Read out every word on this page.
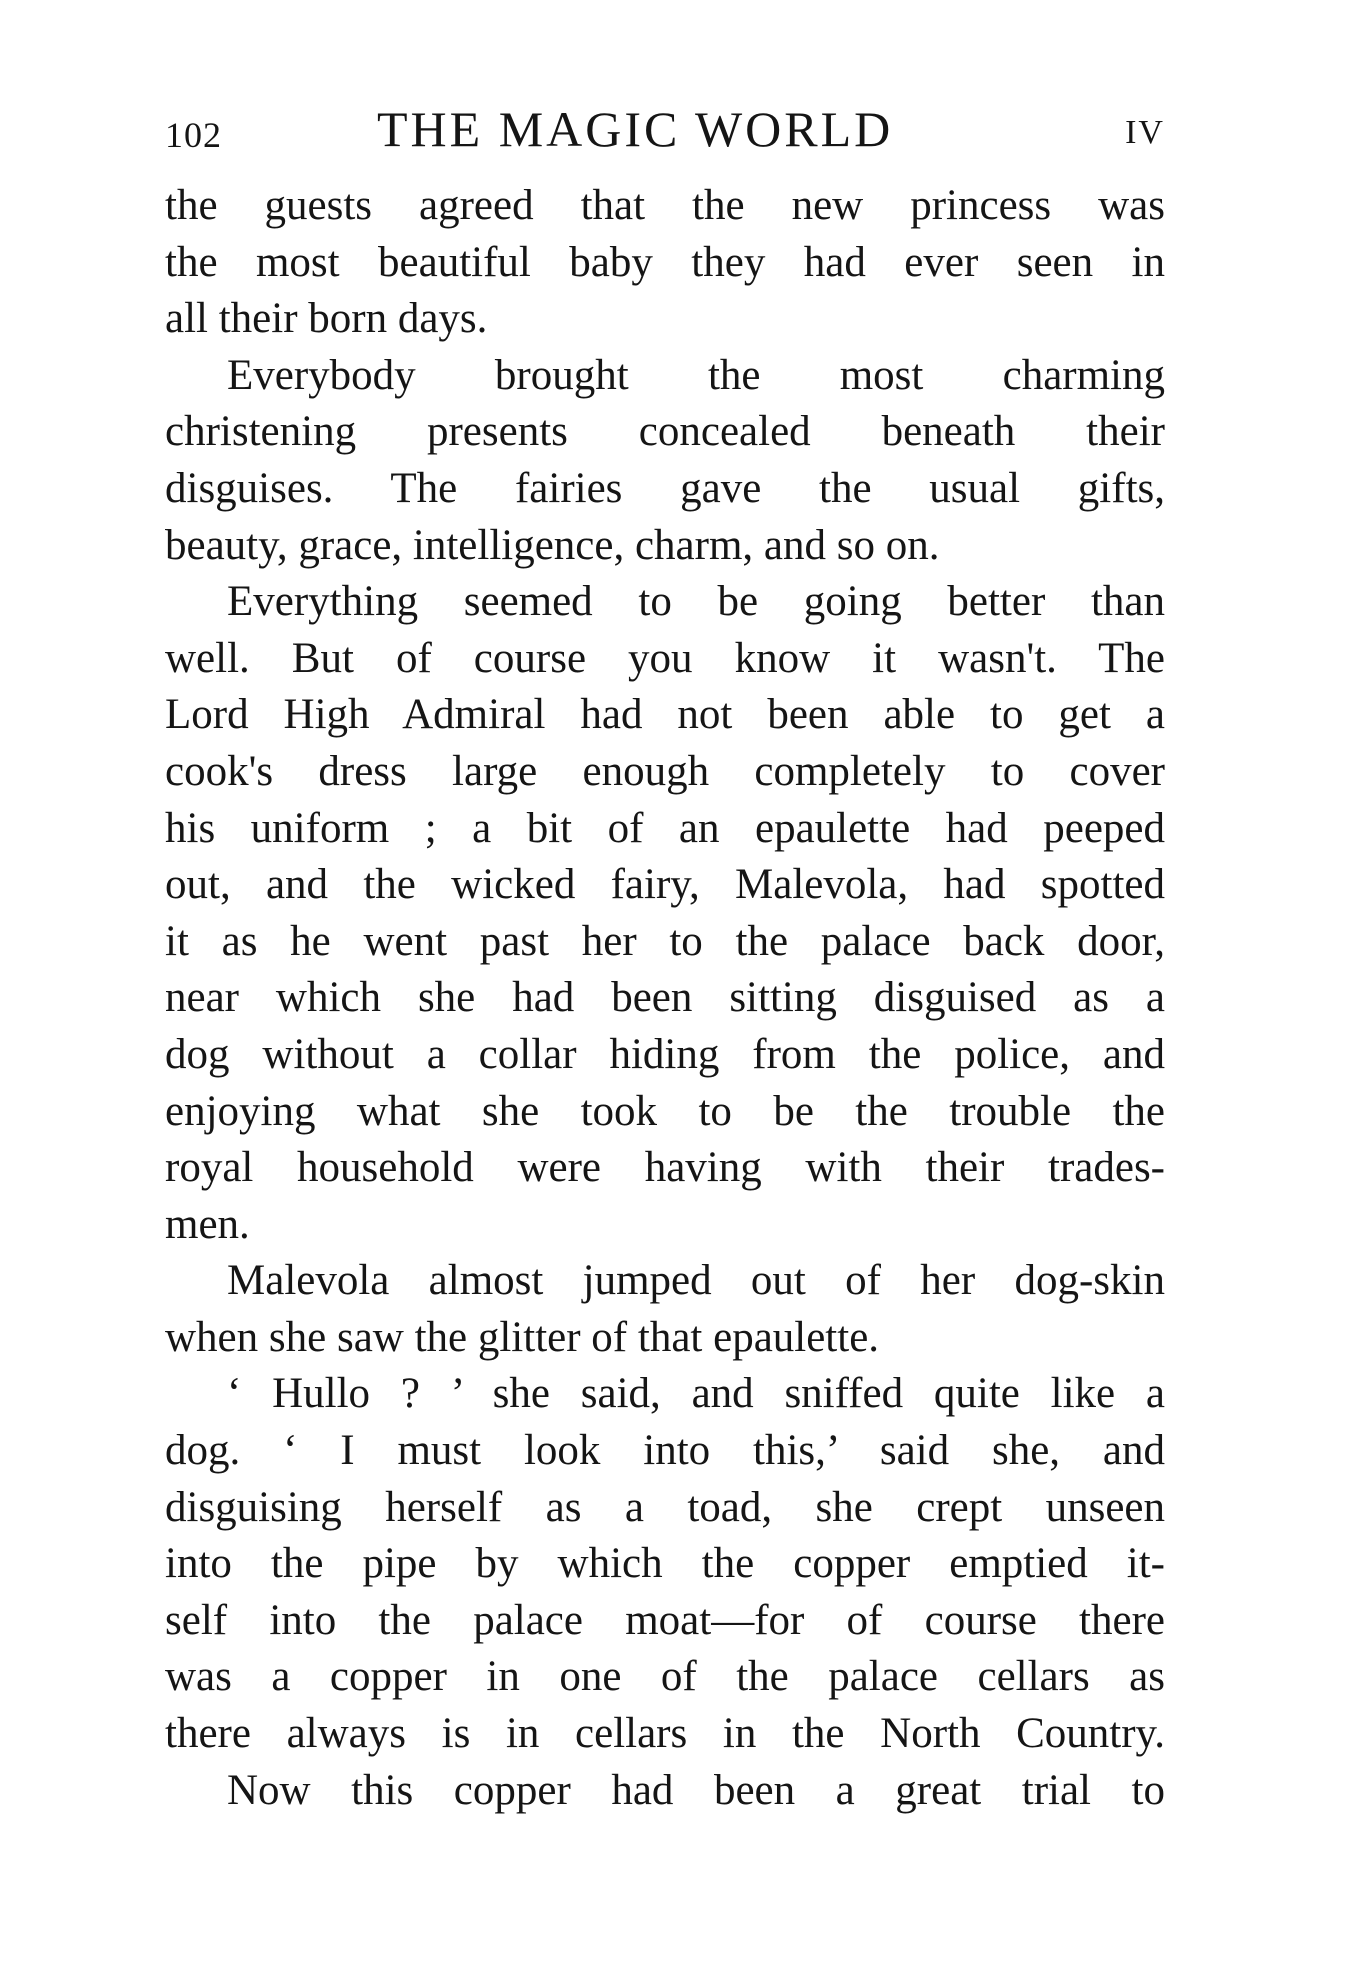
102	THE MAGIC WORLD	IV
the guests agreed that the new princess was
the most beautiful baby they had ever seen in
all their born days.
Everybody brought the most charming
christening presents concealed beneath their
disguises. The fairies gave the usual gifts,
beauty, grace, intelligence, charm, and so on.
Everything seemed to be going better than
well. But of course you know it wasn't. The
Lord High Admiral had not been able to get a
cook's dress large enough completely to cover
his uniform ; a bit of an epaulette had peeped
out, and the wicked fairy, Malevola, had spotted
it as he went past her to the palace back door,
near which she had been sitting disguised as a
dog without a collar hiding from the police, and
enjoying what she took to be the trouble the
royal household were having with their trades-
men.
Malevola almost jumped out of her dog-skin
when she saw the glitter of that epaulette.
‘ Hullo ? ’ she said, and sniffed quite like a
dog. ‘ I must look into this,’ said she, and
disguising herself as a toad, she crept unseen
into the pipe by which the copper emptied it-
self into the palace moat—for of course there
was a copper in one of the palace cellars as
there always is in cellars in the North Country.
Now this copper had been a great trial to
